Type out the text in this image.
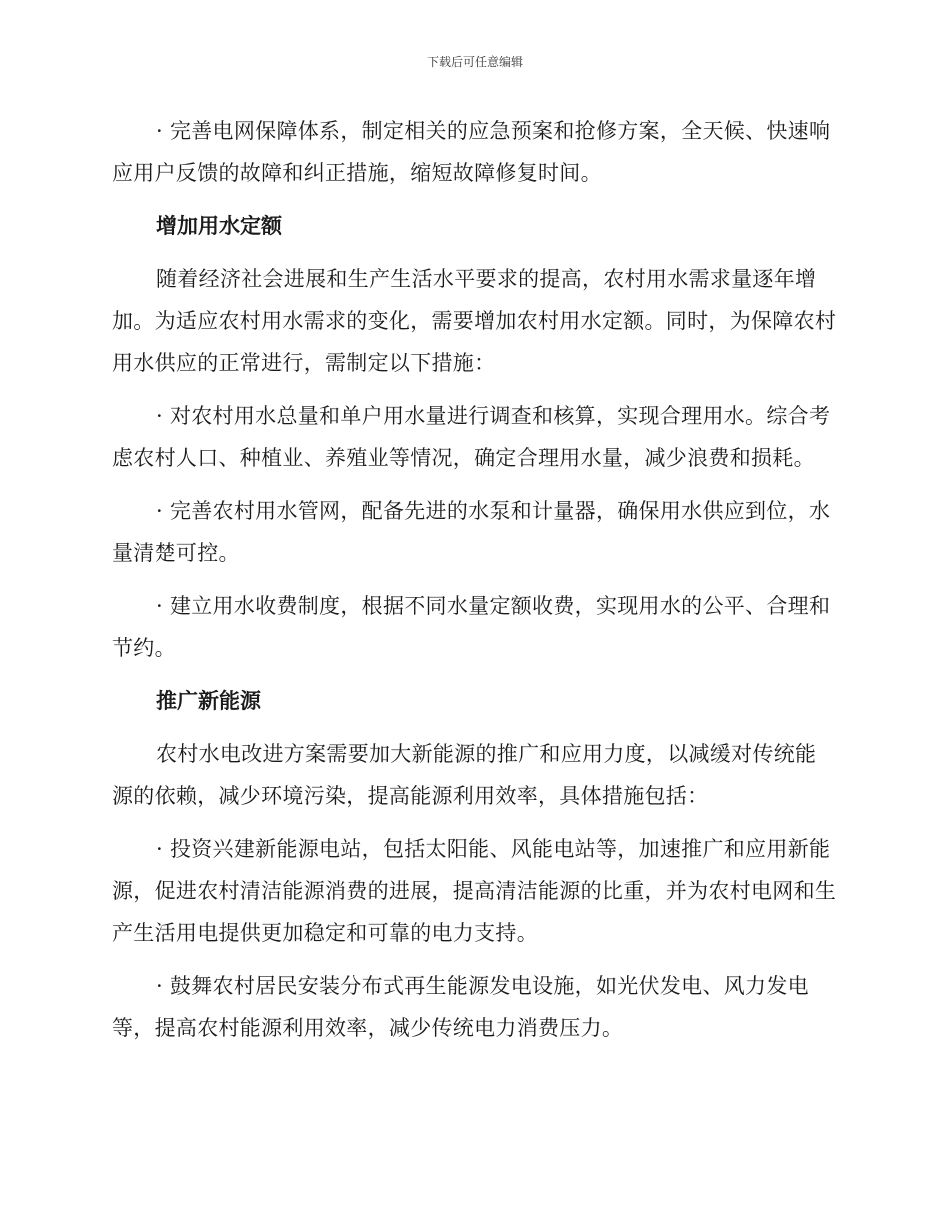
下载后可任意编辑

· 完善电网保障体系，制定相关的应急预案和抢修方案，全天候、快速响应用户反馈的故障和纠正措施，缩短故障修复时间。

增加用水定额

随着经济社会进展和生产生活水平要求的提高，农村用水需求量逐年增加。为适应农村用水需求的变化，需要增加农村用水定额。同时，为保障农村用水供应的正常进行，需制定以下措施：

· 对农村用水总量和单户用水量进行调查和核算，实现合理用水。综合考虑农村人口、种植业、养殖业等情况，确定合理用水量，减少浪费和损耗。

· 完善农村用水管网，配备先进的水泵和计量器，确保用水供应到位，水量清楚可控。

· 建立用水收费制度，根据不同水量定额收费，实现用水的公平、合理和节约。

推广新能源

农村水电改进方案需要加大新能源的推广和应用力度，以减缓对传统能源的依赖，减少环境污染，提高能源利用效率，具体措施包括：

· 投资兴建新能源电站，包括太阳能、风能电站等，加速推广和应用新能源，促进农村清洁能源消费的进展，提高清洁能源的比重，并为农村电网和生产生活用电提供更加稳定和可靠的电力支持。

· 鼓舞农村居民安装分布式再生能源发电设施，如光伏发电、风力发电等，提高农村能源利用效率，减少传统电力消费压力。
